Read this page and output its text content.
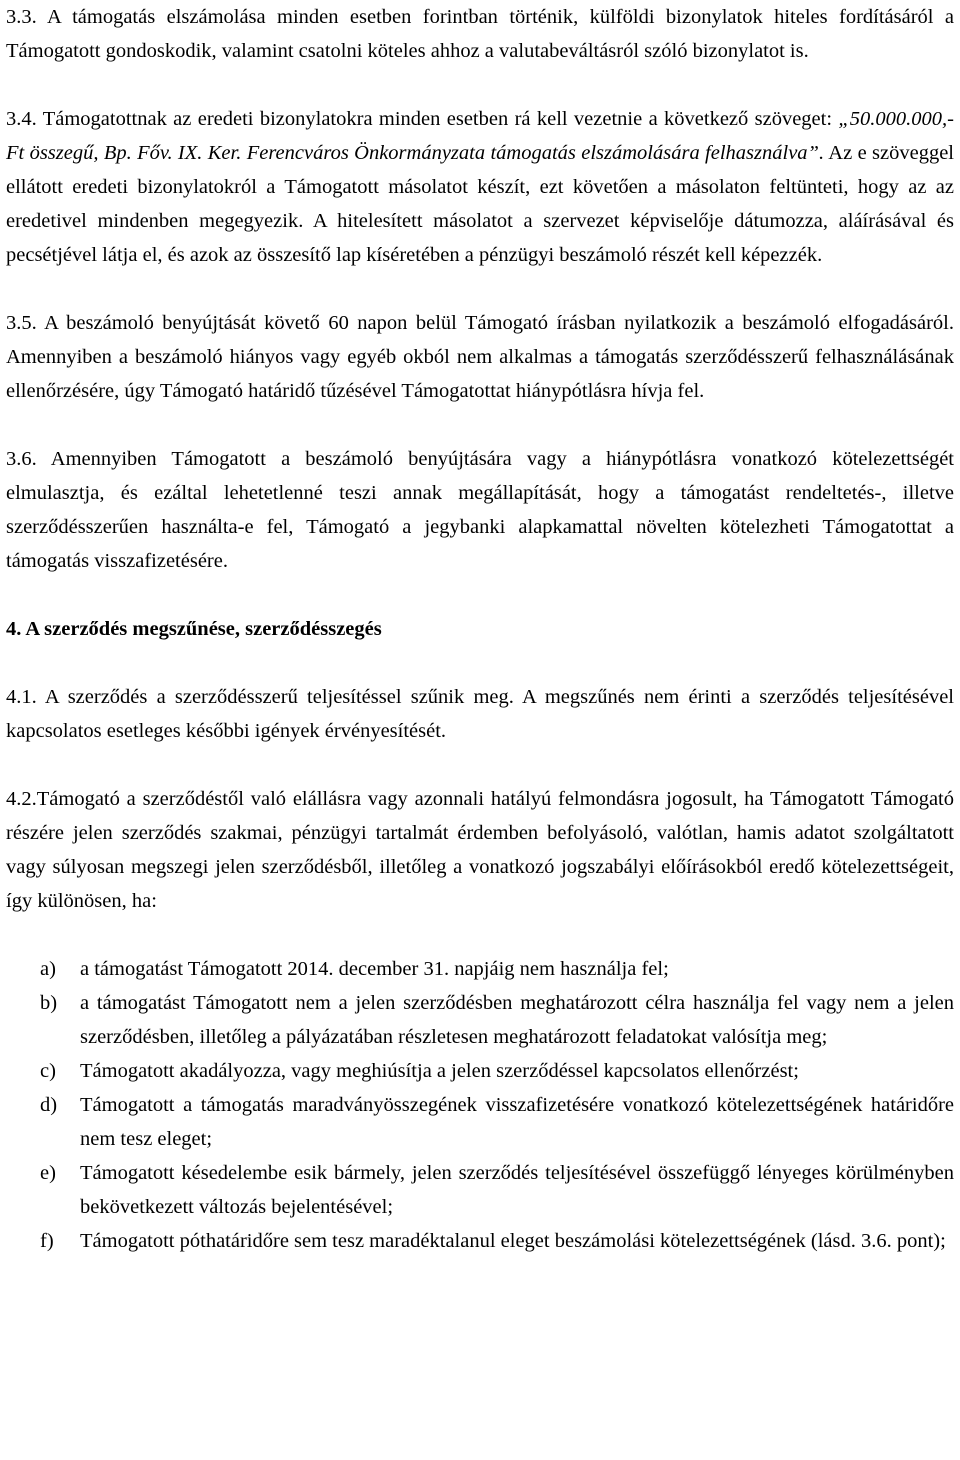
3.3. A támogatás elszámolása minden esetben forintban történik, külföldi bizonylatok hiteles fordításáról a Támogatott gondoskodik, valamint csatolni köteles ahhoz a valutabeváltásról szóló bizonylatot is.

3.4. Támogatottnak az eredeti bizonylatokra minden esetben rá kell vezetnie a következő szöveget: „50.000.000,- Ft összegű, Bp. Főv. IX. Ker. Ferencváros Önkormányzata támogatás elszámolására felhasználva”. Az e szöveggel ellátott eredeti bizonylatokról a Támogatott másolatot készít, ezt követően a másolaton feltünteti, hogy az az eredetivel mindenben megegyezik. A hitelesített másolatot a szervezet képviselője dátumozza, aláírásával és pecsétjével látja el, és azok az összesítő lap kíséretében a pénzügyi beszámoló részét kell képezzék.

3.5. A beszámoló benyújtását követő 60 napon belül Támogató írásban nyilatkozik a beszámoló elfogadásáról. Amennyiben a beszámoló hiányos vagy egyéb okból nem alkalmas a támogatás szerződésszerű felhasználásának ellenőrzésére, úgy Támogató határidő tűzésével Támogatottat hiánypótlásra hívja fel.

3.6. Amennyiben Támogatott a beszámoló benyújtására vagy a hiánypótlásra vonatkozó kötelezettségét elmulasztja, és ezáltal lehetetlenné teszi annak megállapítását, hogy a támogatást rendeltetés-, illetve szerződésszerűen használta-e fel, Támogató a jegybanki alapkamattal növelten kötelezheti Támogatottat a támogatás visszafizetésére.

4. A szerződés megszűnése, szerződésszegés

4.1. A szerződés a szerződésszerű teljesítéssel szűnik meg. A megszűnés nem érinti a szerződés teljesítésével kapcsolatos esetleges későbbi igények érvényesítését.

4.2.Támogató a szerződéstől való elállásra vagy azonnali hatályú felmondásra jogosult, ha Támogatott Támogató részére jelen szerződés szakmai, pénzügyi tartalmát érdemben befolyásoló, valótlan, hamis adatot szolgáltatott vagy súlyosan megszegi jelen szerződésből, illetőleg a vonatkozó jogszabályi előírásokból eredő kötelezettségeit, így különösen, ha:

a)	a támogatást Támogatott 2014. december 31. napjáig nem használja fel;
b)	a támogatást Támogatott nem a jelen szerződésben meghatározott célra használja fel vagy nem a jelen szerződésben, illetőleg a pályázatában részletesen meghatározott feladatokat valósítja meg;
c)	Támogatott akadályozza, vagy meghiúsítja a jelen szerződéssel kapcsolatos ellenőrzést;
d)	Támogatott a támogatás maradványösszegének visszafizetésére vonatkozó kötelezettségének határidőre nem tesz eleget;
e)	Támogatott késedelembe esik bármely, jelen szerződés teljesítésével összefüggő lényeges körülményben bekövetkezett változás bejelentésével;
f)	Támogatott póthatáridőre sem tesz maradéktalanul eleget beszámolási kötelezettségének (lásd. 3.6. pont);
